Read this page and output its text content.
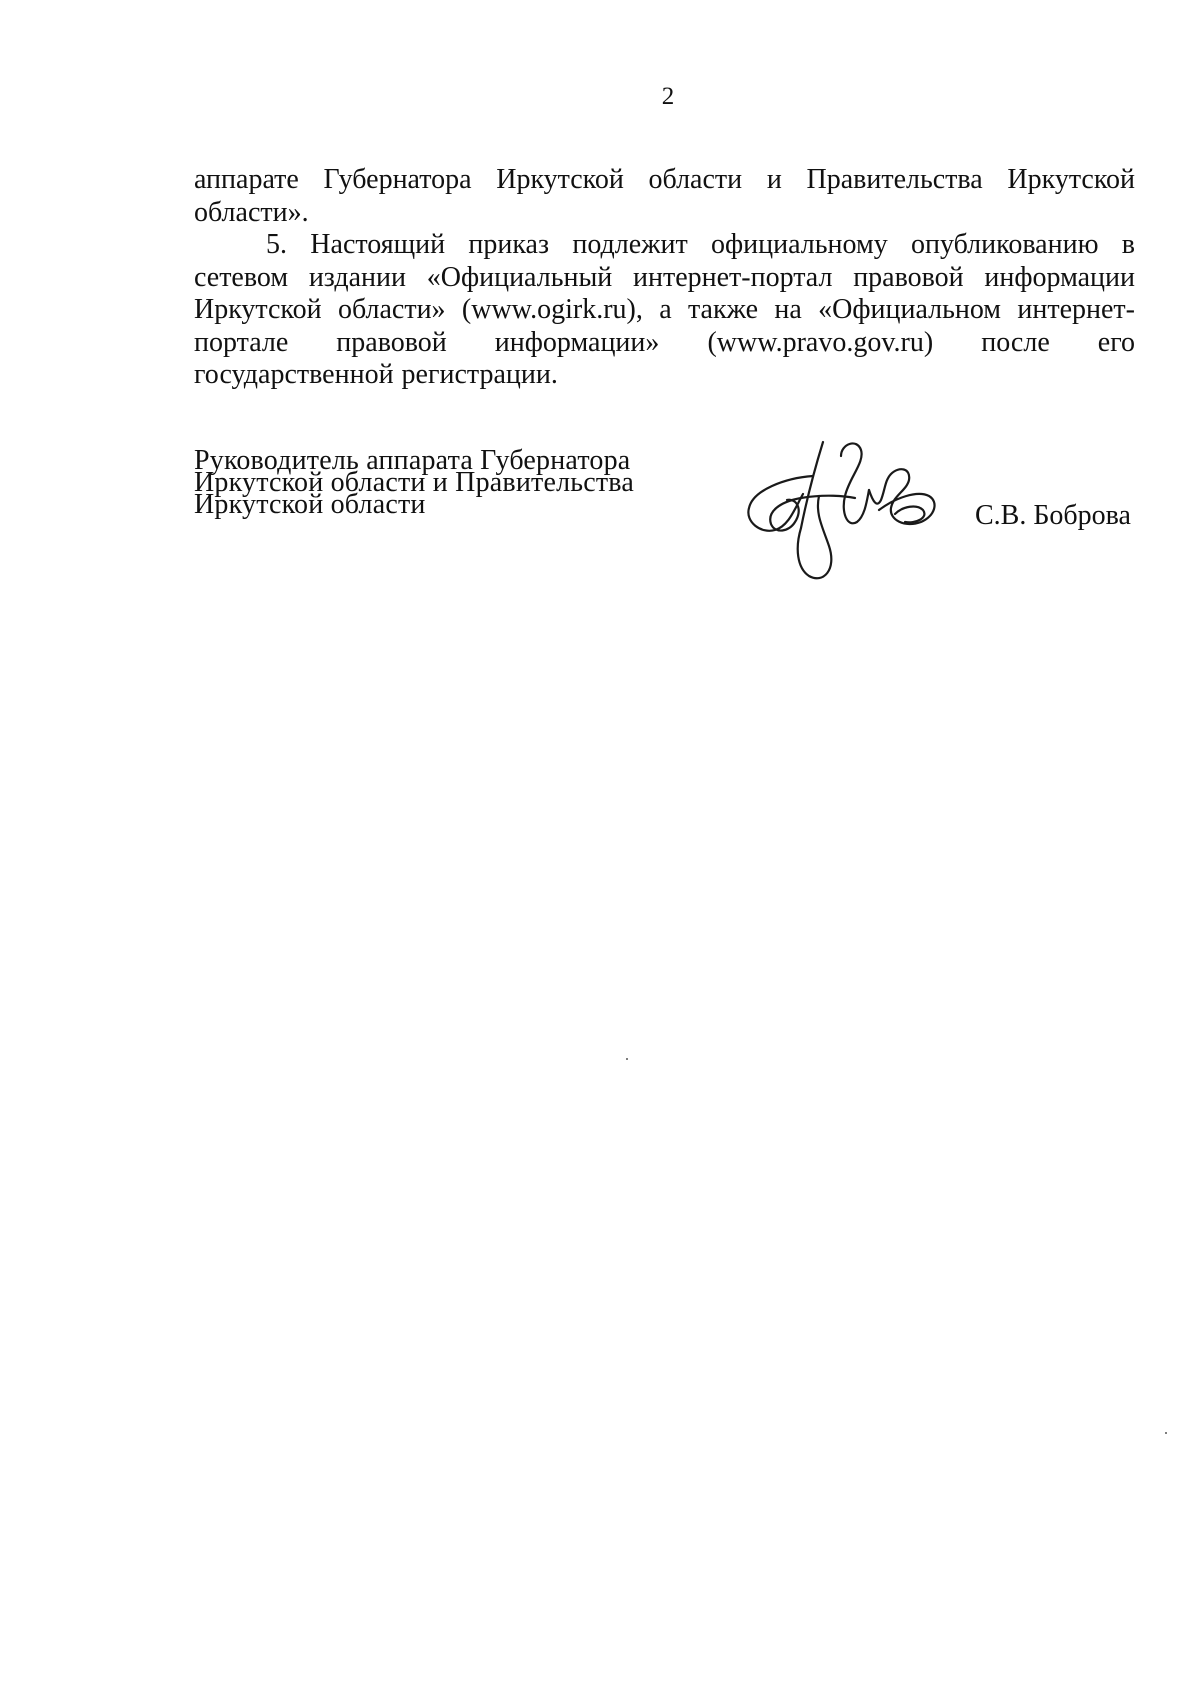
2

аппарате Губернатора Иркутской области и Правительства Иркутской области».

5. Настоящий приказ подлежит официальному опубликованию в сетевом издании «Официальный интернет-портал правовой информации Иркутской области» (www.ogirk.ru), а также на «Официальном интернет-портале правовой информации» (www.pravo.gov.ru) после его государственной регистрации.

Руководитель аппарата Губернатора
Иркутской области и Правительства
Иркутской области	С.В. Боброва
